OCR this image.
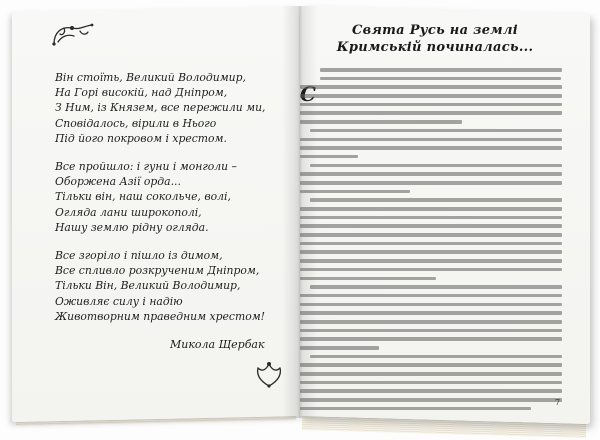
Він стоїть, Великий Володимир,
На Горі високій, над Дніпром,
З Ним, із Князем, все пережили ми,
Сповідалось, вірили в Нього
Під його покровом і хрестом.
Все пройшло: і гуни і монголи –
Оборжена Азії орда...
Тільки він, наш сокольче, волі,
Огляда лани широкополі,
Нашу землю рідну огляда.
Все згоріло і пішло із димом,
Все спливло розкрученим Дніпром,
Тільки Він, Великий Володимир,
Оживляє силу і надію
Животворним праведним хрестом!
Микола Щербак
Свята Русь на землі
Кримській починалась...
7
